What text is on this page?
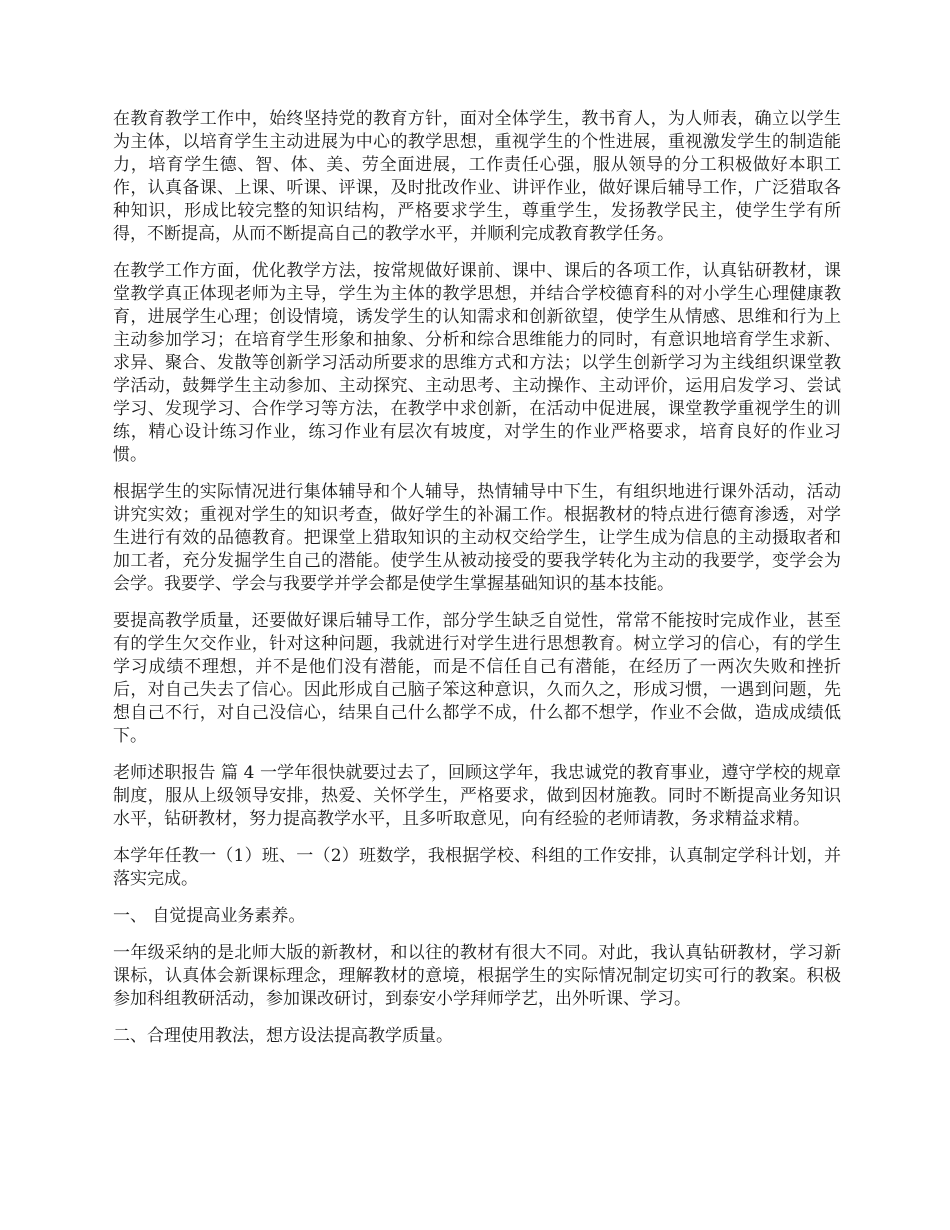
在教育教学工作中，始终坚持党的教育方针，面对全体学生，教书育人，为人师表，确立以学生为主体，以培育学生主动进展为中心的教学思想，重视学生的个性进展，重视激发学生的制造能力，培育学生德、智、体、美、劳全面进展，工作责任心强，服从领导的分工积极做好本职工作，认真备课、上课、听课、评课，及时批改作业、讲评作业，做好课后辅导工作，广泛猎取各种知识，形成比较完整的知识结构，严格要求学生，尊重学生，发扬教学民主，使学生学有所得，不断提高，从而不断提高自己的教学水平，并顺利完成教育教学任务。

在教学工作方面，优化教学方法，按常规做好课前、课中、课后的各项工作，认真钻研教材，课堂教学真正体现老师为主导，学生为主体的教学思想，并结合学校德育科的对小学生心理健康教育，进展学生心理；创设情境，诱发学生的认知需求和创新欲望，使学生从情感、思维和行为上主动参加学习；在培育学生形象和抽象、分析和综合思维能力的同时，有意识地培育学生求新、求异、聚合、发散等创新学习活动所要求的思维方式和方法；以学生创新学习为主线组织课堂教学活动，鼓舞学生主动参加、主动探究、主动思考、主动操作、主动评价，运用启发学习、尝试学习、发现学习、合作学习等方法，在教学中求创新，在活动中促进展，课堂教学重视学生的训练，精心设计练习作业，练习作业有层次有坡度，对学生的作业严格要求，培育良好的作业习惯。

根据学生的实际情况进行集体辅导和个人辅导，热情辅导中下生，有组织地进行课外活动，活动讲究实效；重视对学生的知识考查，做好学生的补漏工作。根据教材的特点进行德育渗透，对学生进行有效的品德教育。把课堂上猎取知识的主动权交给学生，让学生成为信息的主动摄取者和加工者，充分发掘学生自己的潜能。使学生从被动接受的要我学转化为主动的我要学，变学会为会学。我要学、学会与我要学并学会都是使学生掌握基础知识的基本技能。

要提高教学质量，还要做好课后辅导工作，部分学生缺乏自觉性，常常不能按时完成作业，甚至有的学生欠交作业，针对这种问题，我就进行对学生进行思想教育。树立学习的信心，有的学生学习成绩不理想，并不是他们没有潜能，而是不信任自己有潜能，在经历了一两次失败和挫折后，对自己失去了信心。因此形成自己脑子笨这种意识，久而久之，形成习惯，一遇到问题，先想自己不行，对自己没信心，结果自己什么都学不成，什么都不想学，作业不会做，造成成绩低下。

老师述职报告 篇 4 一学年很快就要过去了，回顾这学年，我忠诚党的教育事业，遵守学校的规章制度，服从上级领导安排，热爱、关怀学生，严格要求，做到因材施教。同时不断提高业务知识水平，钻研教材，努力提高教学水平，且多听取意见，向有经验的老师请教，务求精益求精。

本学年任教一（1）班、一（2）班数学，我根据学校、科组的工作安排，认真制定学科计划，并落实完成。

一、 自觉提高业务素养。

一年级采纳的是北师大版的新教材，和以往的教材有很大不同。对此，我认真钻研教材，学习新课标，认真体会新课标理念，理解教材的意境，根据学生的实际情况制定切实可行的教案。积极参加科组教研活动，参加课改研讨，到泰安小学拜师学艺，出外听课、学习。

二、合理使用教法，想方设法提高教学质量。
